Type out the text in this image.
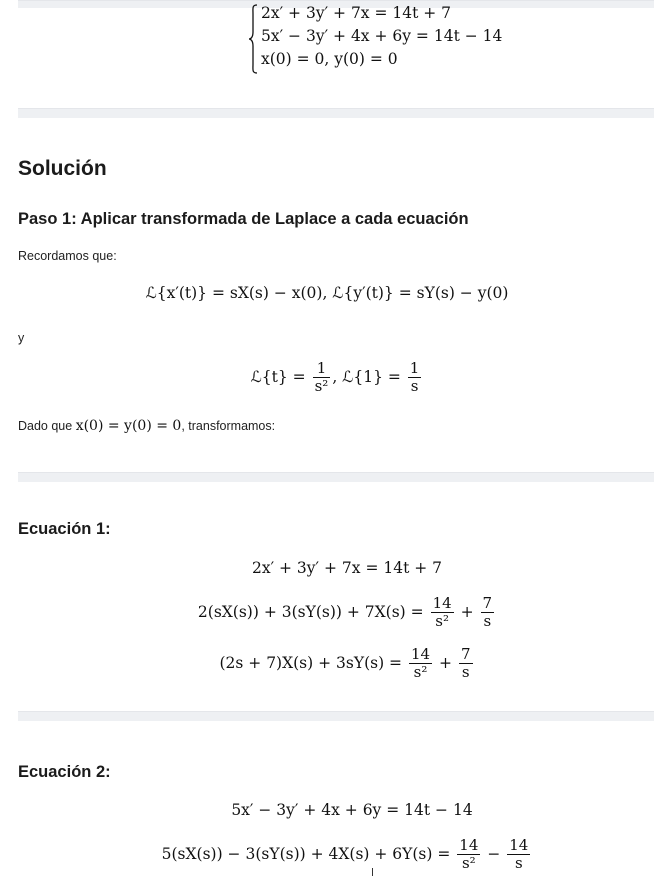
2x′ + 3y′ + 7x = 14t + 7
5x′ − 3y′ + 4x + 6y = 14t − 14
x(0) = 0, y(0) = 0
Solución
Paso 1: Aplicar transformada de Laplace a cada ecuación
Recordamos que:
ℒ{x′(t)} = sX(s) − x(0), ℒ{y′(t)} = sY(s) − y(0)
y
ℒ{t} = $\frac{1}{\text{s²}}$ , ℒ{1} = $\frac{1}{s}$
Dado que x(0) = y(0) = 0, transformamos:
Ecuación 1:
2x′ + 3y′ + 7x = 14t + 7
$2(sX(s)) + 3(sY(s)) + 7X(s) = \frac{14}{\text{s²}} + \frac{7}{s}$
$(2s + 7)X(s) + 3sY(s) = \frac{14}{\text{s²}} + \frac{7}{s}$
Ecuación 2:
5x′ − 3y′ + 4x + 6y = 14t − 14
$5(sX(s)) - 3(sY(s)) + 4X(s) + 6Y(s) = \frac{14}{\text{s²}} - \frac{14}{s}$
